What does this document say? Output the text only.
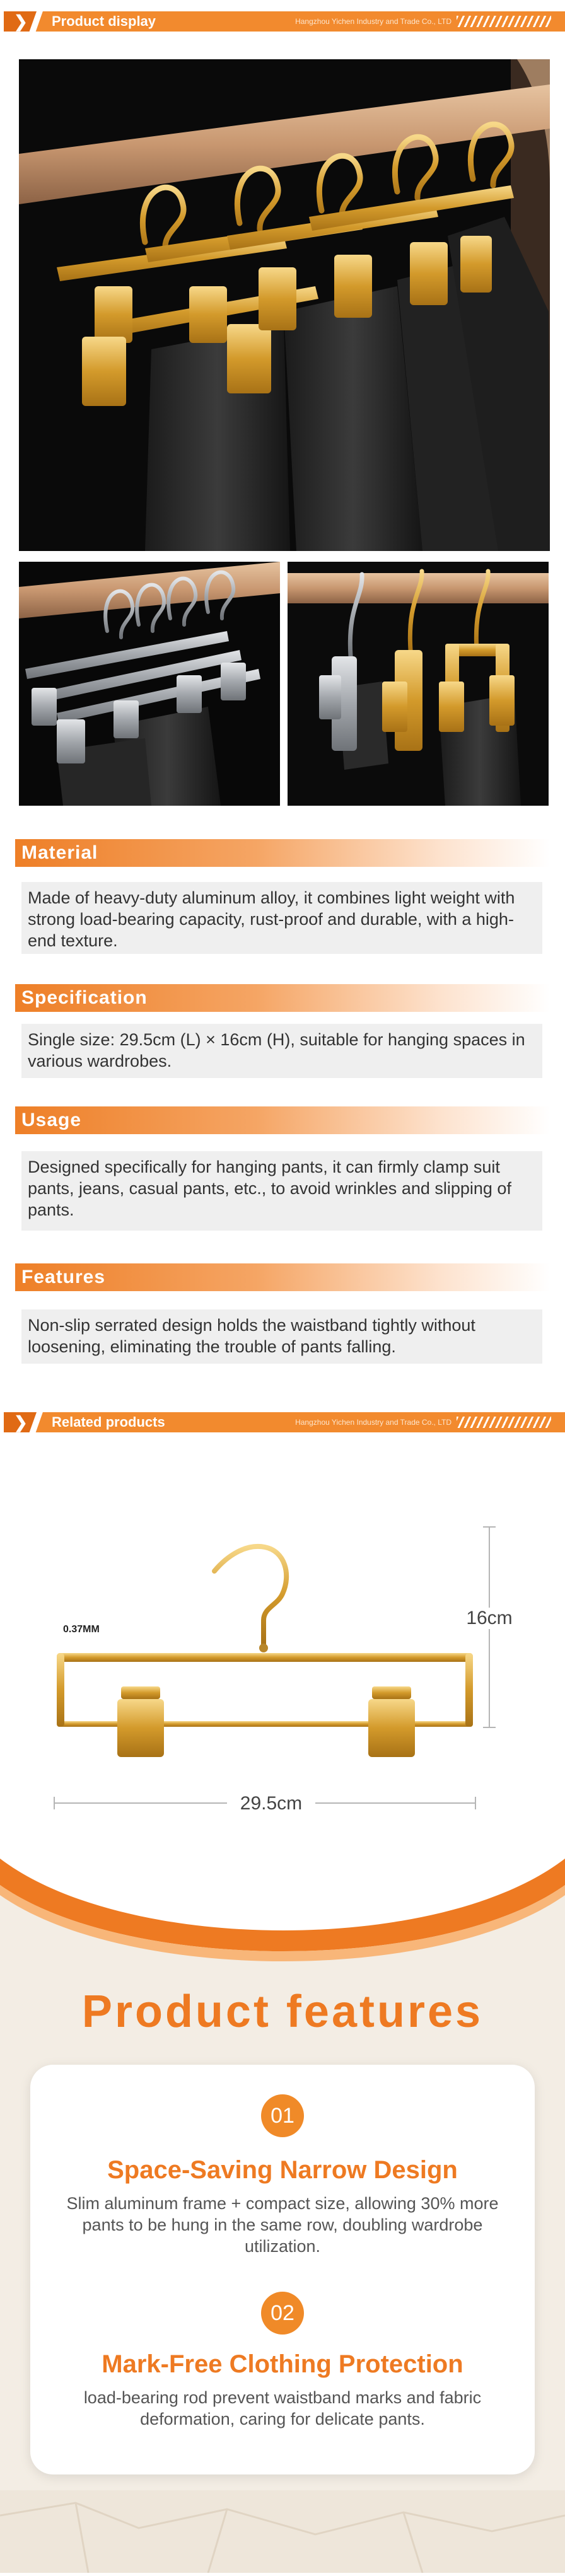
❯ Product display	Hangzhou Yichen Industry and Trade Co., LTD
Material
Made of heavy-duty aluminum alloy, it combines light weight with strong load-bearing capacity, rust-proof and durable, with a high-end texture.
Specification
Single size: 29.5cm (L) × 16cm (H), suitable for hanging spaces in various wardrobes.
Usage
Designed specifically for hanging pants, it can firmly clamp suit pants, jeans, casual pants, etc., to avoid wrinkles and slipping of pants.
Features
Non-slip serrated design holds the waistband tightly without loosening, eliminating the trouble of pants falling.
❯ Related products	Hangzhou Yichen Industry and Trade Co., LTD
0.37MM
16cm
29.5cm
Product features
01
Space-Saving Narrow Design
Slim aluminum frame + compact size, allowing 30% more pants to be hung in the same row, doubling wardrobe utilization.
02
Mark-Free Clothing Protection
load-bearing rod prevent waistband marks and fabric deformation, caring for delicate pants.
